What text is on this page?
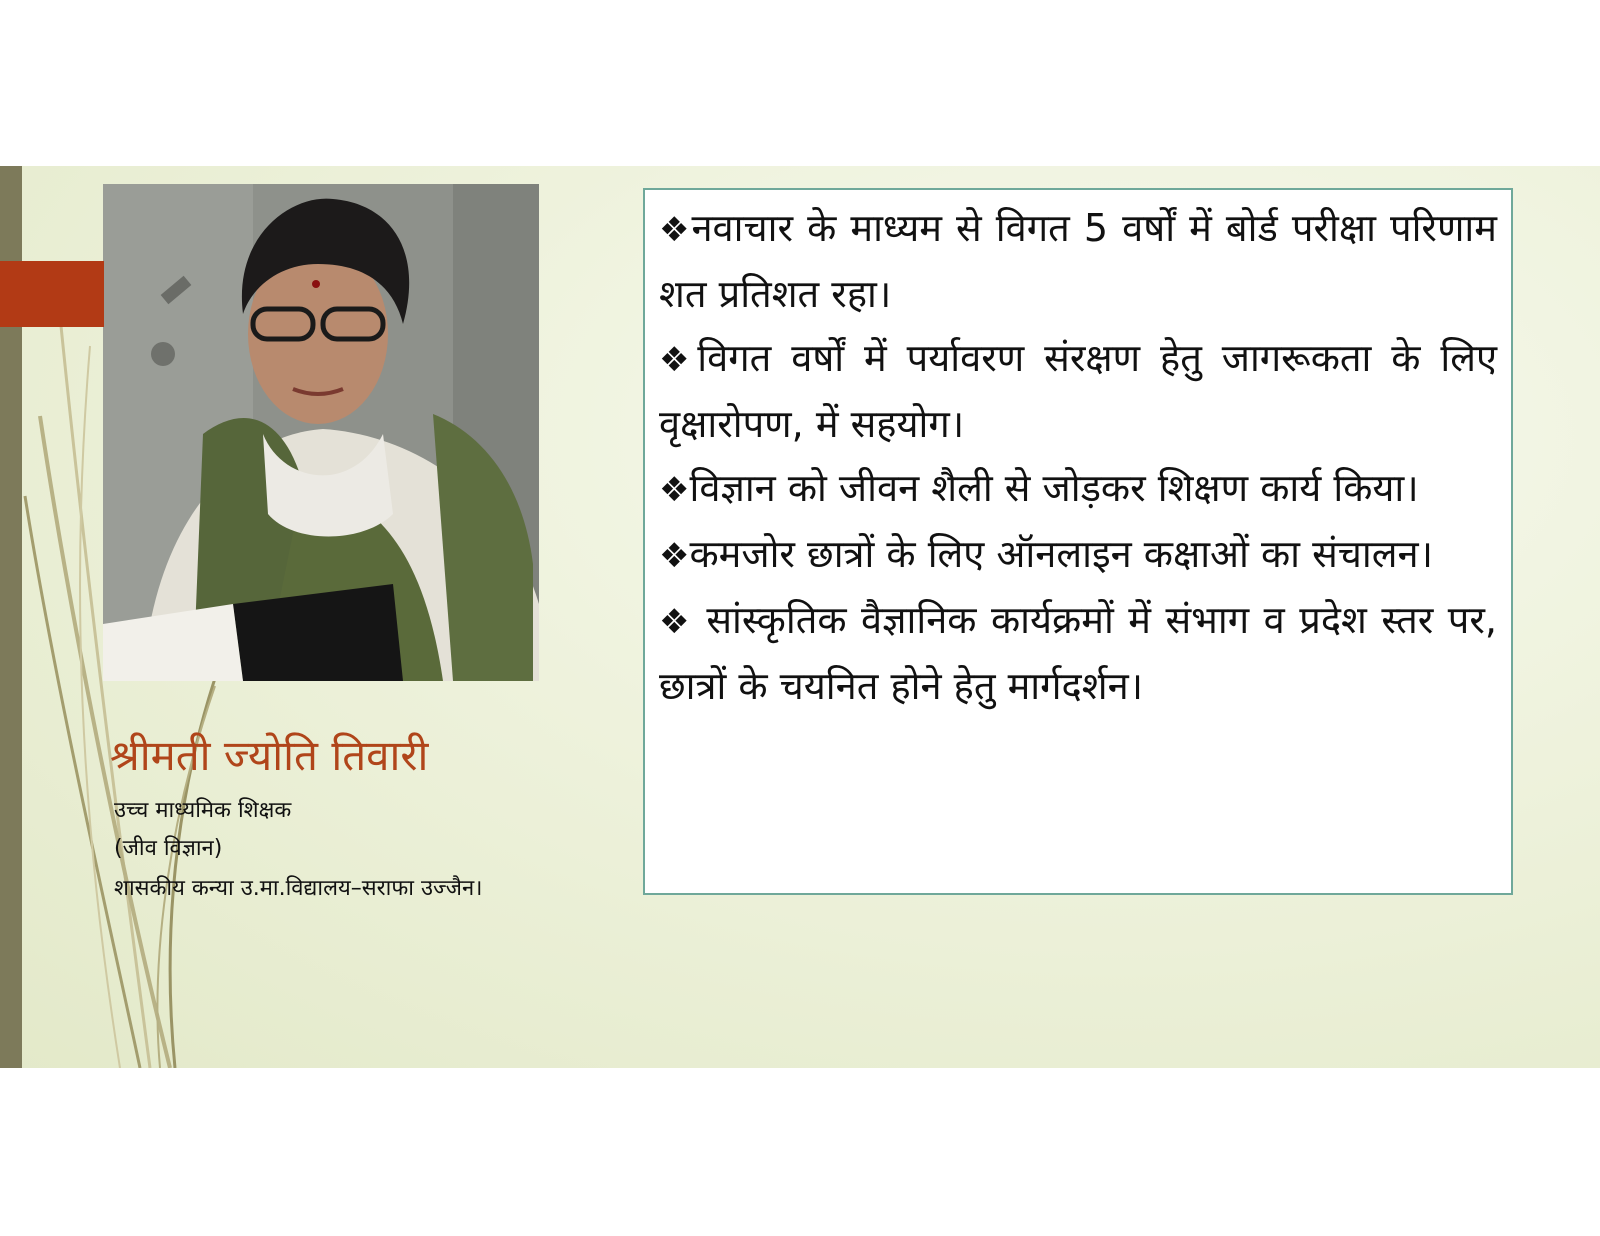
श्रीमती ज्योति तिवारी
उच्च माध्यमिक शिक्षक
(जीव विज्ञान)
शासकीय कन्या उ.मा.विद्यालय–सराफा उज्जैन।

❖नवाचार के माध्यम से विगत 5 वर्षों में बोर्ड परीक्षा परिणाम शत प्रतिशत रहा।

❖विगत वर्षों में पर्यावरण संरक्षण हेतु जागरूकता के लिए वृक्षारोपण, में सहयोग।

❖विज्ञान को जीवन शैली से जोड़कर शिक्षण कार्य किया।

❖कमजोर छात्रों के लिए ऑनलाइन कक्षाओं का संचालन।

❖ सांस्कृतिक वैज्ञानिक कार्यक्रमों में संभाग व प्रदेश स्तर पर, छात्रों के चयनित होने हेतु मार्गदर्शन।
